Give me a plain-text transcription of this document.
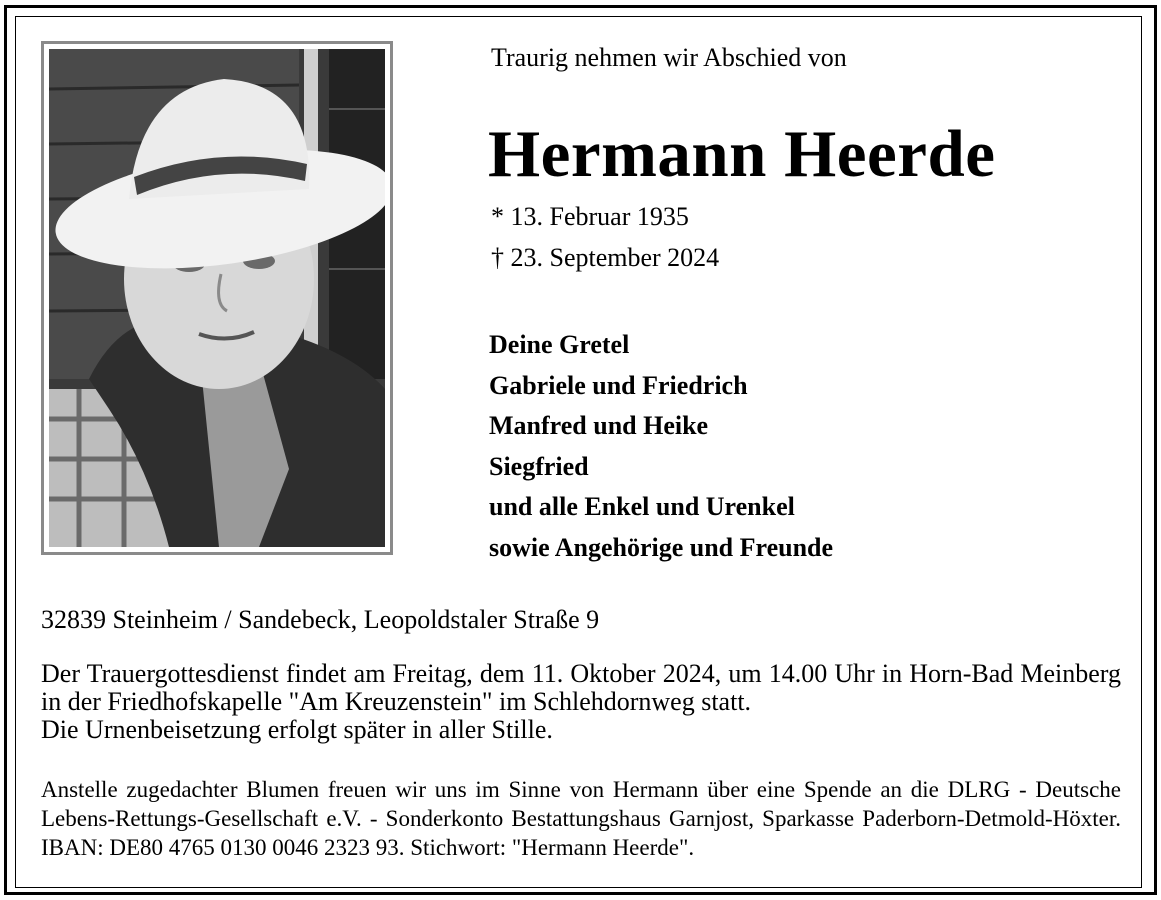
Traurig nehmen wir Abschied von
Hermann Heerde
* 13. Februar 1935
† 23. September 2024
Deine Gretel
Gabriele und Friedrich
Manfred und Heike
Siegfried
und alle Enkel und Urenkel
sowie Angehörige und Freunde
32839 Steinheim / Sandebeck, Leopoldstaler Straße 9

Der Trauergottesdienst findet am Freitag, dem 11. Oktober 2024, um 14.00 Uhr in Horn-Bad Meinberg in der Friedhofskapelle "Am Kreuzenstein" im Schlehdornweg statt.

Die Urnenbeisetzung erfolgt später in aller Stille.

Anstelle zugedachter Blumen freuen wir uns im Sinne von Hermann über eine Spende an die DLRG - Deutsche Lebens-Rettungs-Gesellschaft e.V. - Sonderkonto Bestattungshaus Garnjost, Sparkasse Paderborn-Detmold-Höxter. IBAN: DE80 4765 0130 0046 2323 93. Stichwort: "Hermann Heerde".
